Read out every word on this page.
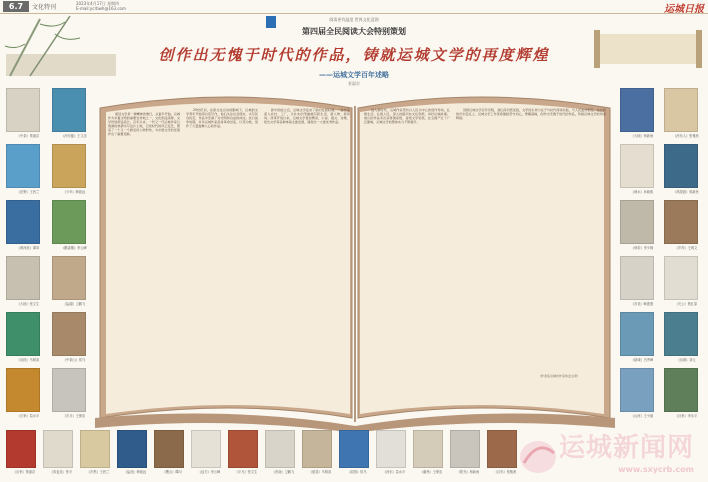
6.7	文化特刊
2023年4月17日 星期四
E-mail:ycrbwh@163.com	运城日报
阅读更有温度 世界文化浸润
第四届全民阅读大会特别策划
创作出无愧于时代的作品，铸就运城文学的再度辉煌
——运城文学百年述略
景淑存

阅读文学是一种精神的旅行，从童年开始。运城作为华夏文明的重要发祥地之一，文化积淀深厚，文学传统源远流长。百年以来，一代又一代运城作家以饱满的热情书写这片土地，记录时代的风云变迁，塑造了一个又一个鲜活的人物形象，为中国文学的发展作出了重要贡献。

20世纪初，在新文化运动的影响下，运城的文学青年开始用白话写作，他们关注社会现实，书写民众疾苦，作品中充满了对光明和自由的向往。抗日战争时期，许多运城作家投身革命洪流，以笔为枪，创作了大量鼓舞人心的作品。

新中国成立后，运城文学迎来了新的发展时期。一批作家深入农村、工厂，以朴实的笔触描写新生活、新人物、新风尚。改革开放以来，运城文学更加繁荣，小说、散文、诗歌、报告文学等各种体裁全面发展，涌现出一大批优秀作品。

进入新时代，运城作家坚持以人民为中心的创作导向，扎根生活、扎根人民，深入挖掘河东文化资源，讲好运城故事。他们的作品多次获得国家级、省级文学奖项，在全国产生了广泛影响，运城文学的整体实力不断提升。

回顾运城文学百年历程，我们深切感受到，文学的生命力在于与时代同频共振，与人民血肉相连。站在新的历史起点上，运城文学工作者将继续坚守初心，勇攀高峰，创作出无愧于时代的作品，铸就运城文学的再度辉煌。

（作者系运城市作家协会主席）
《中条》景淑存	《河东蕴》王文忠
《沃野》王西兰	《少年》韩振远
《黄河浪》谭向	《鹳雀楼》李云峰
《大地》张文生	《盐湖》卫鹏飞
《诗经》马明高	《中条山》侯马
《百家》葛水平	《岁月》王保忠
《大地》杨新雨	《河东人》张雅茜
《涑水》孙晓燕	《风陵渡》郭新民
《舜帝》李少娥	《乡村》王炳文
《杏花》畅建康	《关公》焦红原
《绿城》吕秀峰	《运城》刘云
《山河》王小朋	《百家》李永平
《百家》景淑存	《荞麦花》张平	《乡愁》王西兰	《盐池》韩振远	《稷山》谭向	《远方》李云峰	《平凡》张文生	《晋南》卫鹏飞	《夏县》马明高	《故园》侯马	《河东》葛水平	《蒲州》王保忠	《阳光》杨新雨	《百年》张雅茜
运城新闻网
www.sxycrb.com
